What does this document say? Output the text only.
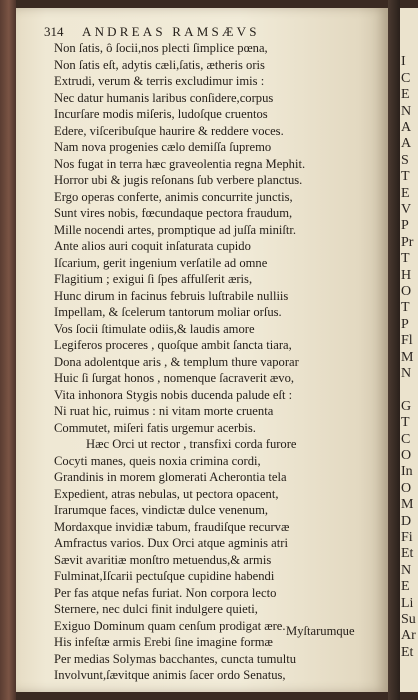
314 ANDREAS RAMSÆVS
Non ſatis, ô ſocii,nos plecti ſimplice pœna,
Non ſatis eſt, adytis cæli,ſatis, ætheris oris
Extrudi, verum & terris excludimur imis :
Nec datur humanis laribus conſidere,corpus
Incurſare modis miſeris, ludoſque cruentos
Edere, viſceribuſque haurire & reddere voces.
Nam nova progenies cælo demiſſa ſupremo
Nos fugat in terra hæc graveolentia regna Mephit.
Horror ubi & jugis reſonans ſub verbere planctus.
Ergo operas conferte, animis concurrite junctis,
Sunt vires nobis, fœcundaque pectora fraudum,
Mille nocendi artes, promptique ad juſſa miniſtr.
Ante alios auri coquit inſaturata cupido
Iſcarium, gerit ingenium verſatile ad omne
Flagitium ; exigui ſi ſpes affulſerit æris,
Hunc dirum in facinus februis luſtrabile nulliis
Impellam, & ſcelerum tantorum moliar orſus.
Vos ſocii ſtimulate odiis,& laudis amore
Legiferos proceres , quoſque ambit ſancta tiara,
Dona adolentque aris , & templum thure vaporar
Huic ſi ſurgat honos , nomenque ſacraverit ævo,
Vita inhonora Stygis nobis ducenda palude eſt :
Ni ruat hic, ruimus : ni vitam morte cruenta
Commutet, miſeri fatis urgemur acerbis.
Hæc Orci ut rector , transfixi corda furore
Cocyti manes, queis noxia crimina cordi,
Grandinis in morem glomerati Acherontia tela
Expedient, atras nebulas, ut pectora opacent,
Irarumque faces, vindictæ dulce venenum,
Mordaxque invidiæ tabum, fraudiſque recurvæ
Amfractus varios. Dux Orci atque agminis atri
Sævit avaritiæ monſtro metuendus,& armis
Fulminat,Iſcarii pectuſque cupidine habendi
Per fas atque nefas furiat. Non corpora lecto
Sternere, nec dulci finit indulgere quieti,
Exiguo Dominum quam cenſum prodigat ære.
His infeſtæ armis Erebi ſine imagine formæ
Per medias Solymas bacchantes, cuncta tumultu
Involvunt,ſævitque animis ſacer ordo Senatus,
Myſtarumque
I
C
E
N
A
A
S
T
E
V
P
Pr
T
H
O
T
P
Fl
M
N
G
T
C
O
In
O
M
D
Fi
Et
N
E
Li
Su
Ar
Et
